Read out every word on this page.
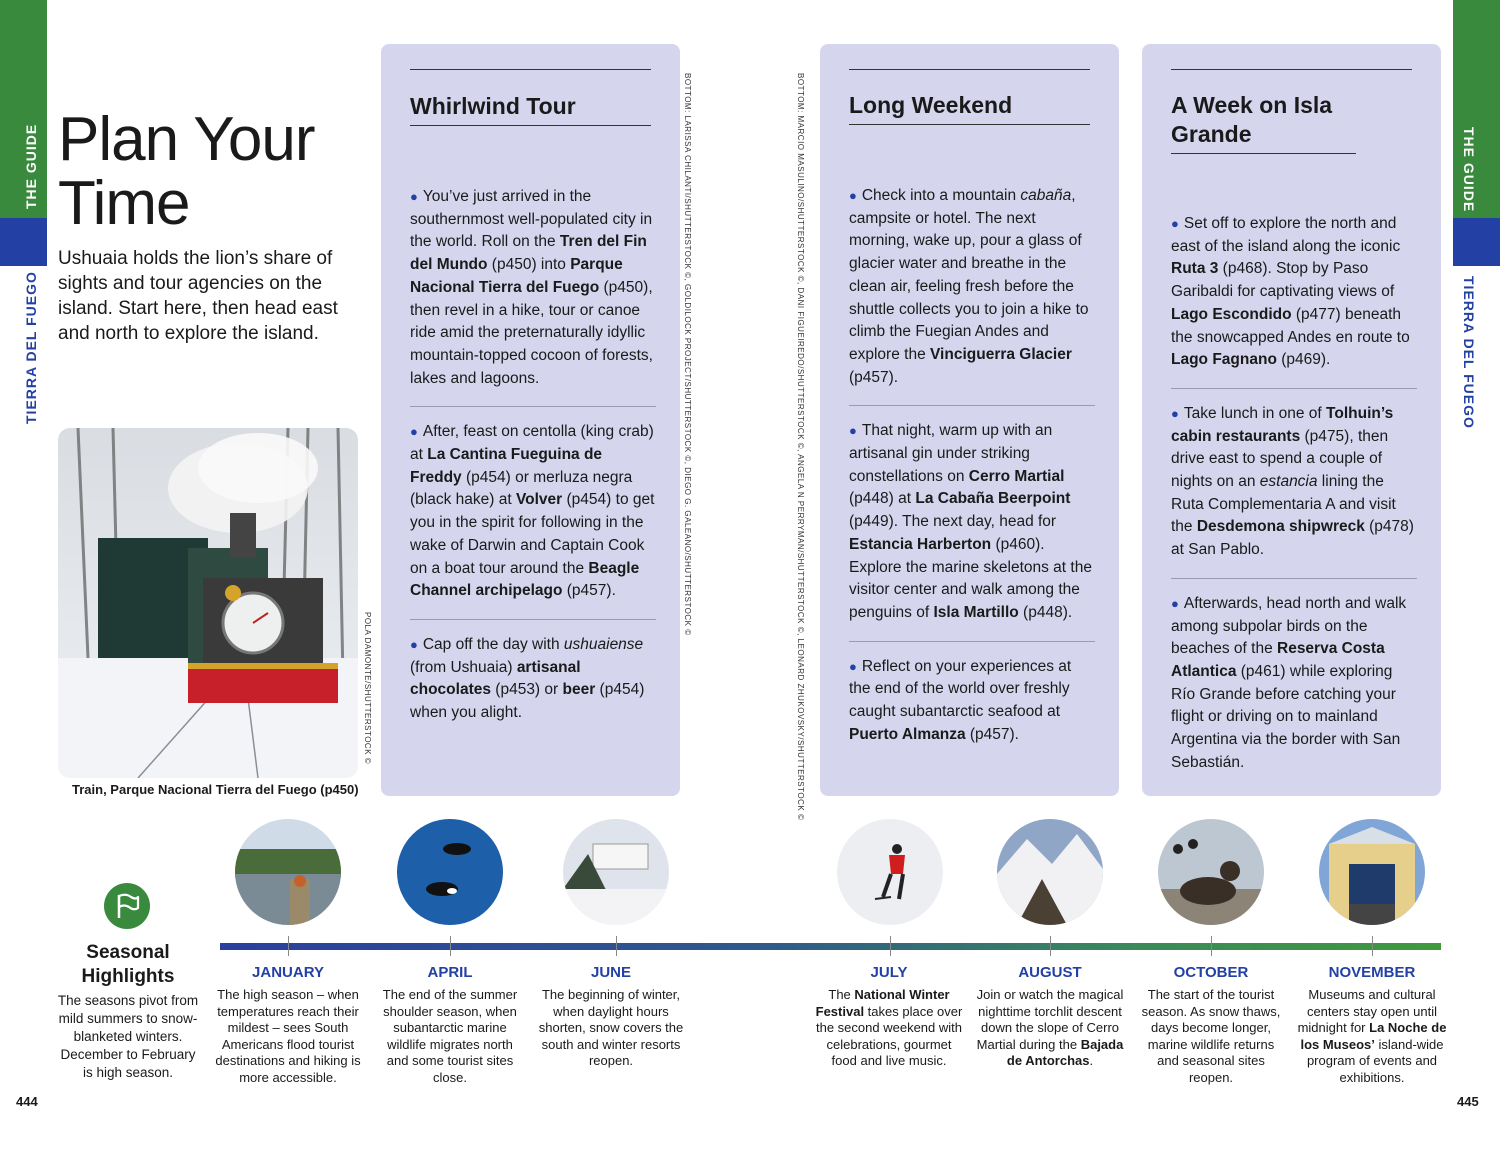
THE GUIDE
TIERRA DEL FUEGO
THE GUIDE
TIERRA DEL FUEGO
Plan Your
Time

Ushuaia holds the lion’s share of sights and tour agencies on the island. Start here, then head east and north to explore the island.

POLA DAMONTE/SHUTTERSTOCK ©
Train, Parque Nacional Tierra del Fuego (p450)
Whirlwind Tour
● You’ve just arrived in the southernmost well-populated city in the world. Roll on the Tren del Fin del Mundo (p450) into Parque Nacional Tierra del Fuego (p450), then revel in a hike, tour or canoe ride amid the preternaturally idyllic mountain-topped cocoon of forests, lakes and lagoons.
● After, feast on centolla (king crab) at La Cantina Fueguina de Freddy (p454) or merluza negra (black hake) at Volver (p454) to get you in the spirit for following in the wake of Darwin and Captain Cook on a boat tour around the Beagle Channel archipelago (p457).
● Cap off the day with ushuaiense (from Ushuaia) artisanal chocolates (p453) or beer (p454) when you alight.
BOTTOM: LARISSA CHILANTI/SHUTTERSTOCK ©, GOLDILOCK PROJECT/SHUTTERSTOCK ©, DIEGO G. GALEANO/SHUTTERSTOCK ©	BOTTOM: MARCIO MASULINO/SHUTTERSTOCK ©, DANI FIGUEIREDO/SHUTTERSTOCK ©, ANGELA N PERRYMAN/SHUTTERSTOCK ©, LEONARD ZHUKOVSKY/SHUTTERSTOCK © Long Weekend
● Check into a mountain cabaña, campsite or hotel. The next morning, wake up, pour a glass of glacier water and breathe in the clean air, feeling fresh before the shuttle collects you to join a hike to climb the Fuegian Andes and explore the Vinciguerra Glacier (p457).
● That night, warm up with an artisanal gin under striking constellations on Cerro Martial (p448) at La Cabaña Beerpoint (p449). The next day, head for Estancia Harberton (p460). Explore the marine skeletons at the visitor center and walk among the penguins of Isla Martillo (p448).
● Reflect on your experiences at the end of the world over freshly caught subantarctic seafood at Puerto Almanza (p457).
A Week on Isla Grande
● Set off to explore the north and east of the island along the iconic Ruta 3 (p468). Stop by Paso Garibaldi for captivating views of Lago Escondido (p477) beneath the snowcapped Andes en route to Lago Fagnano (p469).
● Take lunch in one of Tolhuin’s cabin restaurants (p475), then drive east to spend a couple of nights on an estancia lining the Ruta Complementaria A and visit the Desdemona shipwreck (p478) at San Pablo.
● Afterwards, head north and walk among subpolar birds on the beaches of the Reserva Costa Atlantica (p461) while exploring Río Grande before catching your flight or driving on to mainland Argentina via the border with San Sebastián.
Seasonal Highlights
The seasons pivot from mild summers to snow-blanketed winters. December to February is high season.
JANUARY
The high season – when temperatures reach their mildest – sees South Americans flood tourist destinations and hiking is more accessible.
APRIL
The end of the summer shoulder season, when subantarctic marine wildlife migrates north and some tourist sites close.
JUNE
The beginning of winter, when daylight hours shorten, snow covers the south and winter resorts reopen.
JULY
The National Winter Festival takes place over the second weekend with celebrations, gourmet food and live music.
AUGUST
Join or watch the magical nighttime torchlit descent down the slope of Cerro Martial during the Bajada de Antorchas.
OCTOBER
The start of the tourist season. As snow thaws, days become longer, marine wildlife returns and seasonal sites reopen.
NOVEMBER
Museums and cultural centers stay open until midnight for La Noche de los Museos’ island-wide program of events and exhibitions.
444	445
